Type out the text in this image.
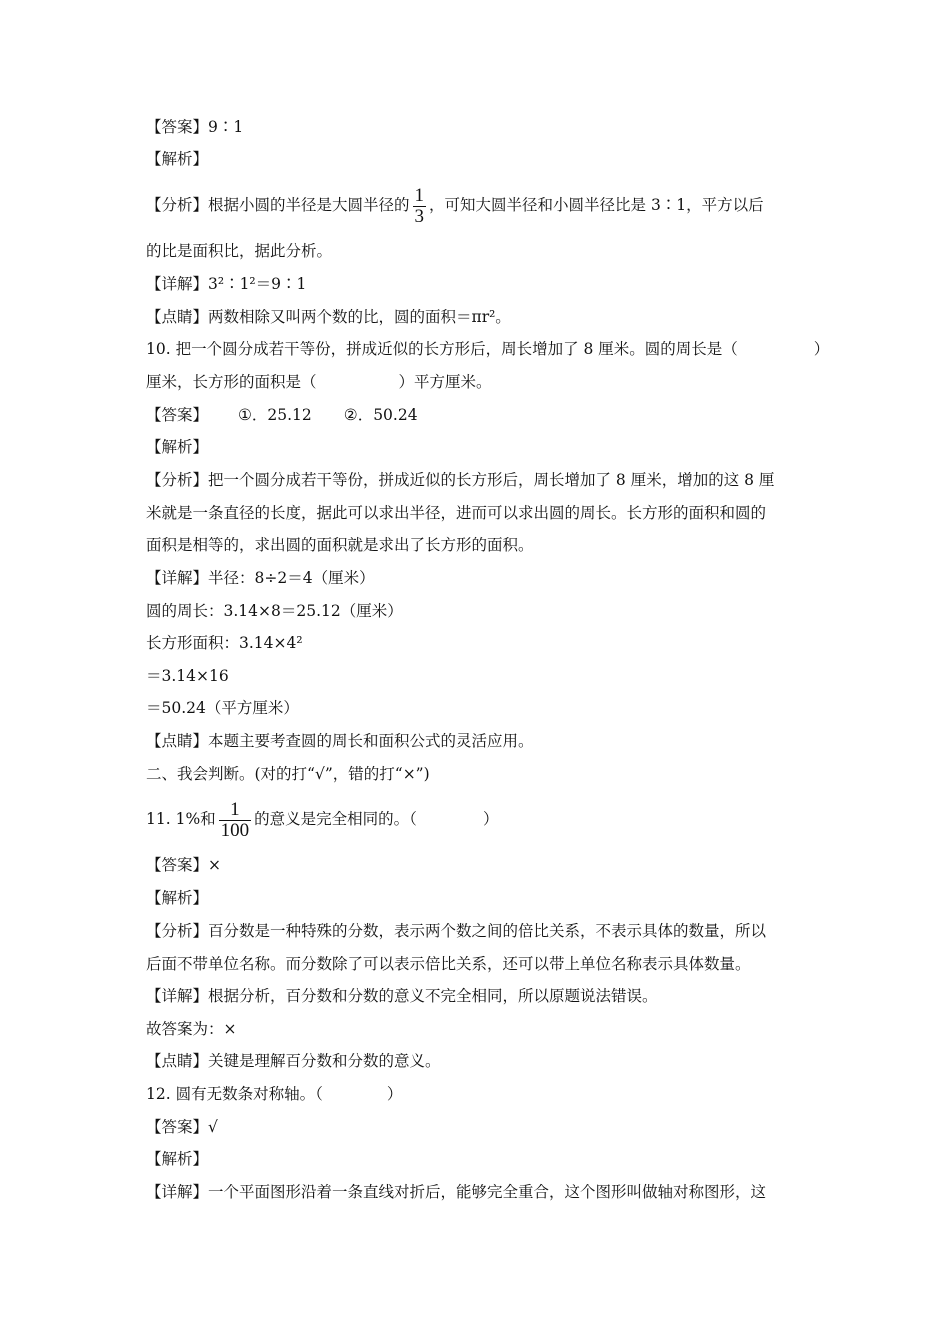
【答案】9∶1
【解析】
【分析】根据小圆的半径是大圆半径的 $\frac{1}{3}$ ，可知大圆半径和小圆半径比是 3∶1，平方以后
的比是面积比，据此分析。
【详解】3²∶1²＝9∶1
【点睛】两数相除又叫两个数的比，圆的面积＝πr²。
10. 把一个圆分成若干等份，拼成近似的长方形后，周长增加了 8 厘米。圆的周长是（	）
厘米，长方形的面积是（	）平方厘米。
【答案】 ①．25.12 ②．50.24
【解析】
【分析】把一个圆分成若干等份，拼成近似的长方形后，周长增加了 8 厘米，增加的这 8 厘
米就是一条直径的长度，据此可以求出半径，进而可以求出圆的周长。长方形的面积和圆的
面积是相等的，求出圆的面积就是求出了长方形的面积。
【详解】半径：8÷2＝4（厘米）
圆的周长：3.14×8＝25.12（厘米）
长方形面积：3.14×4²
＝3.14×16
＝50.24（平方厘米）
【点睛】本题主要考查圆的周长和面积公式的灵活应用。
二、我会判断。(对的打“√”，错的打“×”)
11. 1%和 $\frac{1}{100}$ 的意义是完全相同的。（	）
【答案】×
【解析】
【分析】百分数是一种特殊的分数，表示两个数之间的倍比关系，不表示具体的数量，所以
后面不带单位名称。而分数除了可以表示倍比关系，还可以带上单位名称表示具体数量。
【详解】根据分析，百分数和分数的意义不完全相同，所以原题说法错误。
故答案为：×
【点睛】关键是理解百分数和分数的意义。
12. 圆有无数条对称轴。（	）
【答案】√
【解析】
【详解】一个平面图形沿着一条直线对折后，能够完全重合，这个图形叫做轴对称图形，这
